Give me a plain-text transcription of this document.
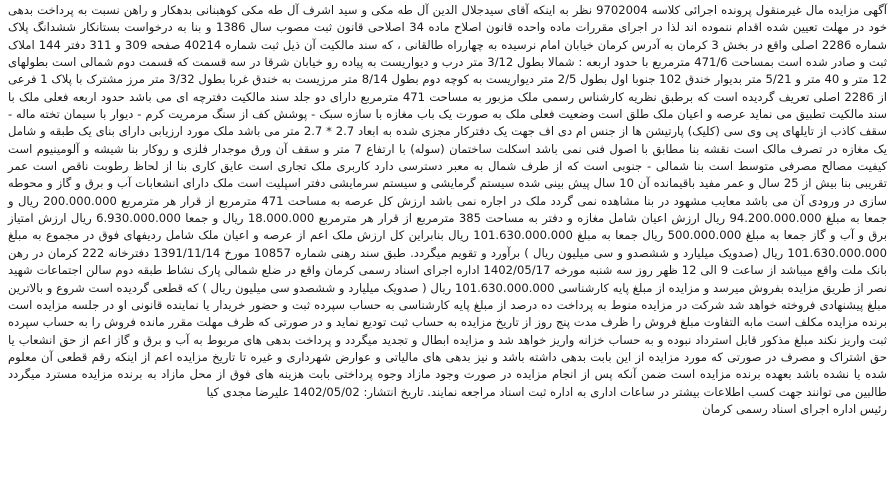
آگهی مزایده مال غیرمنقول پرونده اجرائی کلاسه 9702004 نظر به اینکه آقای سیدجلال الدین آل طه مکی و سید اشرف آل طه مکی کوهبنانی بدهکار و راهن نسبت به پرداخت بدهی خود در مهلت تعیین شده اقدام ننموده اند لذا در اجرای مقررات ماده واحده قانون اصلاح ماده 34 اصلاحی قانون ثبت مصوب سال 1386 و بنا به درخواست بستانکار ششدانگ پلاک شماره 2286 اصلی واقع در بخش 3 کرمان به آدرس کرمان خیابان امام نرسیده به چهارراه طالقانی ، که سند مالکیت آن ذیل ثبت شماره 40214 صفحه 309 و 311 دفتر 144 املاک ثبت و صادر شده است بمساحت 471/6 مترمربع با حدود اربعه : شمالا بطول 3/12 متر درب و دیواریست به پیاده رو خیابان شرقا در سه قسمت که قسمت دوم شمالی است بطولهای 12 متر و 40 متر و 5/21 متر بدیوار خندق 102 جنوبا اول بطول 2/5 متر دیواریست به کوچه دوم بطول 8/14 متر مرزیست به خندق غربا بطول 3/32 متر مرز مشترک با پلاک 1 فرعی از 2286 اصلی تعریف گردیده است که برطبق نظریه کارشناس رسمی ملک مزبور به مساحت 471 مترمربع دارای دو جلد سند مالکیت دفترچه ای می باشد حدود اربعه فعلی ملک با سند مالکیت تطبیق می نماید عرصه و اعیان ملک طلق است وضعیت فعلی ملک به صورت یک باب مغازه با سازه سبک - پوشش کف از سنگ مرمریت کرم - دیوار با سیمان تخته ماله - سقف کاذب از تایلهای پی وی سی (کلیک) پارتیشن ها از جنس ام دی اف جهت یک دفترکار مجزی شده به ابعاد 2.7 * 2.7 متر می باشد ملک مورد ارزیابی دارای بنای یک طبقه و شامل یک مغازه در تصرف مالک است نقشه بنا مطابق با اصول فنی نمی باشد اسکلت ساختمان (سوله) با ارتفاع 7 متر و سقف آن ورق موجدار فلزی و روکار بنا شیشه و آلومینیوم است کیفیت مصالح مصرفی متوسط است بنا شمالی - جنوبی است که از طرف شمال به معبر دسترسی دارد کاربری ملک تجاری است عایق کاری بنا از لحاظ رطوبت ناقص است عمر تقریبی بنا بیش از 25 سال و عمر مفید باقیمانده آن 10 سال پیش بینی شده سیستم گرمایشی و سیستم سرمایشی دفتر اسپلیت است ملک دارای انشعابات آب و برق و گاز و محوطه سازی در ورودی آن می باشد معایب مشهود در بنا مشاهده نمی گردد ملک در اجاره نمی باشد ارزش کل عرصه به مساحت 471 مترمربع از قرار هر مترمربع 200.000.000 ریال و جمعا به مبلغ 94.200.000.000 ریال ارزش اعیان شامل مغازه و دفتر به مساحت 385 مترمربع از قرار هر مترمربع 18.000.000 ریال و جمعا 6.930.000.000 ریال ارزش امتیاز برق و آب و گاز جمعا به مبلغ 500.000.000 ریال جمعا به مبلغ 101.630.000.000 ریال بنابراین کل ارزش ملک اعم از عرصه و اعیان ملک شامل ردیفهای فوق در مجموع به مبلغ 101.630.000.000 ریال (صدویک میلیارد و ششصدو و سی میلیون ریال ) برآورد و تقویم میگردد. طبق سند رهنی شماره 10857 مورخ 1391/11/14 دفترخانه 222 کرمان در رهن بانک ملت واقع میباشد از ساعت 9 الی 12 ظهر روز سه شنبه مورخه 1402/05/17 اداره اجرای اسناد رسمی کرمان واقع در ضلع شمالی پارک نشاط طبقه دوم سالن اجتماعات شهید نصر از طریق مزایده بفروش میرسد و مزایده از مبلغ پایه کارشناسی 101.630.000.000 ریال ( صدویک میلیارد و ششصدو سی میلیون ریال ) که قطعی گردیده است شروع و بالاترین مبلغ پیشنهادی فروخته خواهد شد شرکت در مزایده منوط به پرداخت ده درصد از مبلغ پایه کارشناسی به حساب سپرده ثبت و حضور خریدار یا نماینده قانونی او در جلسه مزایده است برنده مزایده مکلف است مابه التفاوت مبلغ فروش را ظرف مدت پنج روز از تاریخ مزایده به حساب ثبت تودیع نماید و در صورتی که ظرف مهلت مقرر مانده فروش را به حساب سپرده ثبت واریز نکند مبلغ مذکور قابل استرداد نبوده و به حساب خزانه واریز خواهد شد و مزایده ابطال و تجدید میگردد و پرداخت بدهی های مربوط به آب و برق و گاز اعم از حق انشعاب یا حق اشتراک و مصرف در صورتی که مورد مزایده از این بابت بدهی داشته باشد و نیز بدهی های مالیاتی و عوارض شهرداری و غیره تا تاریخ مزایده اعم از اینکه رقم قطعی آن معلوم شده یا نشده باشد بعهده برنده مزایده است ضمن آنکه پس از انجام مزایده در صورت وجود مازاد وجوه پرداختی بابت هزینه های فوق از محل مازاد به برنده مزایده مسترد میگردد طالبین می توانند جهت کسب اطلاعات بیشتر در ساعات اداری به اداره ثبت اسناد مراجعه نمایند. تاریخ انتشار: 1402/05/02 علیرضا مجدی کیا

رئیس اداره اجرای اسناد رسمی کرمان
